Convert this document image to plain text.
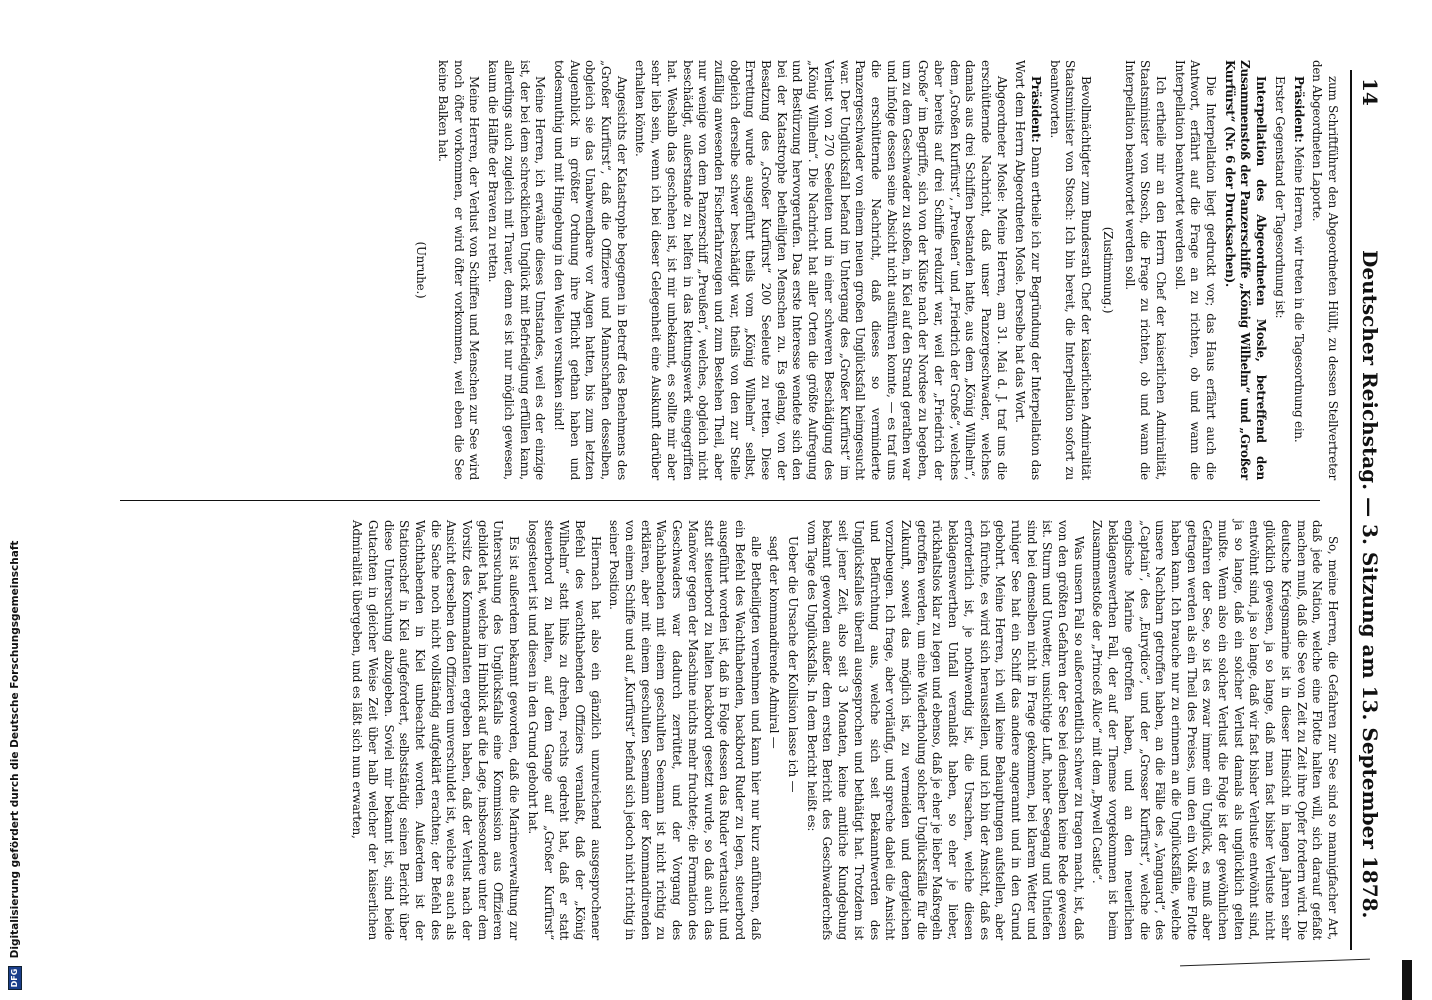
14
Deutscher Reichstag. — 3. Sitzung am 13. September 1878.

zum Schriftführer den Abgeordneten Hüllt, zu dessen Stellvertreter den Abgeordneten Laporte.

Präsident: Meine Herren, wir treten in die Tagesordnung ein.

Erster Gegenstand der Tagesordnung ist:

Interpellation des Abgeordneten Mosle, betreffend den Zusammenstoß der Panzerschiffe „König Wilhelm“ und „Großer Kurfürst“ (Nr. 6 der Drucksachen).

Die Interpellation liegt gedruckt vor; das Haus erfährt auch die Antwort, erfährt auf die Frage an zu richten, ob und wann die Interpellation beantwortet werden soll.

Ich ertheile mir an den Herrn Chef der kaiserlichen Admiralität, Staatsminister von Stosch, die Frage zu richten, ob und wann die Interpellation beantwortet werden soll.

(Zustimmung.)

Bevollmächtigter zum Bundesrath Chef der kaiserlichen Admiralität Staatsminister von Stosch: Ich bin bereit, die Interpellation sofort zu beantworten.

Präsident: Dann ertheile ich zur Begründung der Interpellation das Wort dem Herrn Abgeordneten Mosle. Derselbe hat das Wort.

Abgeordneter Mosle: Meine Herren, am 31. Mai d. J. traf uns die erschütternde Nachricht, daß unser Panzergeschwader, welches damals aus drei Schiffen bestanden hatte, aus dem „König Wilhelm“, dem „Großen Kurfürst“, „Preußen“ und „Friedrich der Große“, welches aber bereits auf drei Schiffe reduzirt war, weil der „Friedrich der Große“ im Begriffe, sich von der Küste nach der Nordsee zu begeben, um zu dem Geschwader zu stoßen, in Kiel auf den Strand gerathen war und infolge dessen seine Absicht nicht ausführen konnte, — es traf uns die erschütternde Nachricht, daß dieses so verminderte Panzergeschwader von einem neuen großen Unglücksfall heimgesucht war. Der Unglücksfall befand im Untergang des „Großer Kurfürst“ im Verlust von 270 Seeleuten und in einer schweren Beschädigung des „König Wilhelm“. Die Nachricht hat aller Orten die größte Aufregung und Bestürzung hervorgerufen. Das erste Interesse wendete sich den bei der Katastrophe betheiligten Menschen zu. Es gelang, von der Besatzung des „Großer Kurfürst“ 200 Seeleute zu retten. Diese Errettung wurde ausgeführt theils vom „König Wilhelm“ selbst, obgleich derselbe schwer beschädigt war, theils von den zur Stelle zufällig anwesenden Fischerfahrzeugen und zum Bestehen Theil, aber nur wenige von dem Panzerschiff „Preußen“, welches, obgleich nicht beschädigt, außerstande zu helfen in das Rettungswerk eingegriffen hat. Weshalb das geschehen ist, ist mir unbekannt, es sollte mir aber sehr lieb sein, wenn ich bei dieser Gelegenheit eine Auskunft darüber erhalten könnte.

Angesichts der Katastrophe begegnen in Betreff des Benehmens des „Großer Kurfürst“, daß die Offiziere und Mannschaften desselben, obgleich sie das Unabwendbare vor Augen hatten, bis zum letzten Augenblick in größter Ordnung ihre Pflicht gethan haben und todesmuthig und mit Hingebung in den Wellen versunken sind!

Meine Herren, ich erwähne dieses Umstandes, weil es der einzige ist, der bei dem schrecklichen Unglück mit Befriedigung erfüllen kann, allerdings auch zugleich mit Trauer, denn es ist nur möglich gewesen, kaum die Hälfte der Braven zu retten.

Meine Herren, der Verlust von Schiffen und Menschen zur See wird noch öfter vorkommen, er wird öfter vorkommen, weil eben die See keine Balken hat.

(Unruhe.)

So, meine Herren, die Gefahren zur See sind so mannigfacher Art, daß jede Nation, welche eine Flotte halten will, sich darauf gefaßt machen muß, daß die See von Zeit zu Zeit ihre Opfer fordern wird. Die deutsche Kriegsmarine ist in dieser Hinsicht in langen Jahren sehr glücklich gewesen, ja so lange, daß man fast bisher Verluste nicht entwöhnt sind, ja so lange, daß wir fast bisher Verluste entwöhnt sind, ja so lange, daß ein solcher Verlust damals als unglücklich gelten mußte. Wenn also ein solcher Verlust die Folge ist der gewöhnlichen Gefahren der See, so ist es zwar immer ein Unglück, es muß aber getragen werden als ein Theil des Preises, um den ein Volk eine Flotte haben kann. Ich brauche nur zu erinnern an die Unglücksfälle, welche unsere Nachbarn getroffen haben, an die Fälle des „Vanguard“, des „Captain“, des „Eurydice“, und der „Grosser Kurfürst“, welche die englische Marine getroffen haben, und an den neuerlichen beklagenswerthen Fall, der auf der Themse vorgekommen ist beim Zusammenstoße der „Princeß Alice“ mit dem „Bywell Castle“.

Was unsern Fall so außerordentlich schwer zu tragen macht, ist, daß von den größten Gefahren der See bei denselben keine Rede gewesen ist. Sturm und Unwetter, unsichtige Luft, hoher Seegang und Untiefen sind bei demselben nicht in Frage gekommen, bei klarem Wetter und ruhiger See hat ein Schiff das andere angerannt und in den Grund gebohrt. Meine Herren, ich will keine Behauptungen aufstellen, aber ich fürchte, es wird sich herausstellen, und ich bin der Ansicht, daß es erforderlich ist, je nothwendig ist, die Ursachen, welche diesen beklagenswerthen Unfall veranlaßt haben, so eher je lieber, rückhaltslos klar zu legen und ebenso, daß je eher je lieber Maßregeln getroffen werden, um eine Wiederholung solcher Unglücksfälle für die Zukunft, soweit das möglich ist, zu vermeiden und dergleichen vorzubeugen. Ich frage, aber vorläufig, und spreche dabei die Ansicht und Befürchtung aus, welche sich seit Bekanntwerden des Unglücksfalles überall ausgesprochen und bethätigt hat. Trotzdem ist seit jener Zeit, also seit 3 Monaten, keine amtliche Kundgebung bekannt geworden außer dem ersten Bericht des Geschwaderchefs vom Tage des Unglücksfalls. In dem Bericht heißt es:

Ueber die Ursache der Kollision lasse ich —

sagt der kommandirende Admiral —

alle Betheiligten vernehmen und kann hier nur kurz anführen, daß ein Befehl des Wachthabenden, backbord Ruder zu legen, steuerbord ausgeführt worden ist, daß in Folge dessen das Ruder vertauscht und statt steuerbord zu halten backbord gesetzt wurde, so daß auch das Manöver gegen der Maschine nichts mehr fruchtete; die Formation des Geschwaders war dadurch zerrüttet, und der Vorgang des Wachhabenden mit einem geschulten Seemann ist nicht richtig zu erklären, aber mit einem geschulten Seemann der Kommandirenden von einem Schiffe und auf „Kurfürst“ befand sich jedoch nicht richtig in seiner Position.

Hiernach hat also ein gänzlich unzureichend ausgesprochener Befehl des wachthabenden Offiziers veranlaßt, daß der „König Wilhelm“ statt links zu drehen, rechts gedreht hat, daß er statt steuerbord zu halten, auf dem Gange auf „Großer Kurfürst“ losgesteuert ist und diesen in den Grund gebohrt hat.

Es ist außerdem bekannt geworden, daß die Marineverwaltung zur Untersuchung des Unglücksfalls eine Kommission aus Offizieren gebildet hat, welche im Hinblick auf die Lage, insbesondere unter dem Vorsitz des Kommandanten ergeben haben, daß der Verlust nach der Ansicht derselben den Offizieren unverschuldet ist, welche es auch als die Sache noch nicht vollständig aufgeklärt erachten; der Befehl des Wachthabenden in Kiel unbeachtet worden. Außerdem ist der Stationschef in Kiel aufgefordert, selbstständig seinen Bericht über diese Untersuchung abzugeben. Soviel mir bekannt ist, sind beide Gutachten in gleicher Weise Zeit über halb welcher der kaiserlichen Admiralität übergeben, und es läßt sich nun erwarten,

DFG Digitalisierung gefördert durch die Deutsche Forschungsgemeinschaft
